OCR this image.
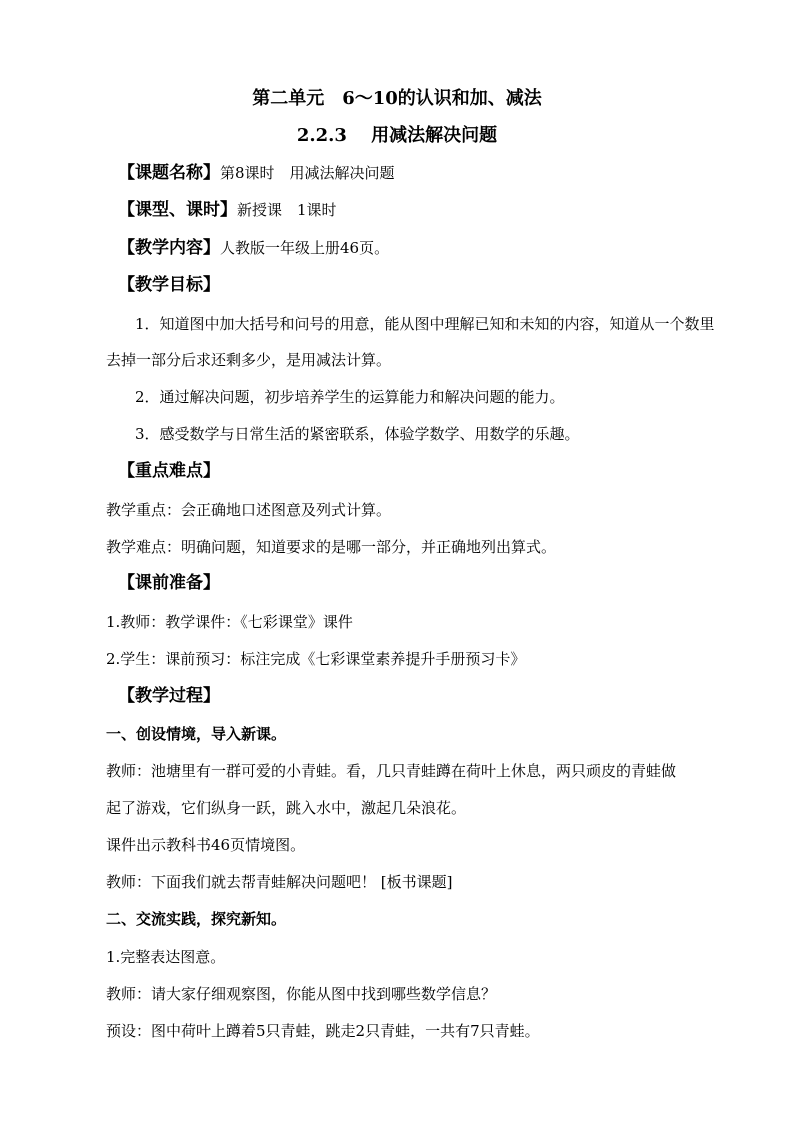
第二单元　6～10的认识和加、减法
2.2.3　 用减法解决问题
【课题名称】第8课时　用减法解决问题
【课型、课时】新授课　1课时
【教学内容】人教版一年级上册46页。
【教学目标】
1．知道图中加大括号和问号的用意，能从图中理解已知和未知的内容，知道从一个数里
去掉一部分后求还剩多少，是用减法计算。
2．通过解决问题，初步培养学生的运算能力和解决问题的能力。
3．感受数学与日常生活的紧密联系，体验学数学、用数学的乐趣。
【重点难点】
教学重点：会正确地口述图意及列式计算。
教学难点：明确问题，知道要求的是哪一部分，并正确地列出算式。
【课前准备】
1.教师：教学课件：《七彩课堂》课件
2.学生：课前预习：标注完成《七彩课堂素养提升手册预习卡》
【教学过程】
一、创设情境，导入新课。
教师：池塘里有一群可爱的小青蛙。看，几只青蛙蹲在荷叶上休息，两只顽皮的青蛙做
起了游戏，它们纵身一跃，跳入水中，激起几朵浪花。
课件出示教科书46页情境图。
教师：下面我们就去帮青蛙解决问题吧！ [板书课题]
二、交流实践，探究新知。
1.完整表达图意。
教师：请大家仔细观察图，你能从图中找到哪些数学信息？
预设：图中荷叶上蹲着5只青蛙，跳走2只青蛙，一共有7只青蛙。
